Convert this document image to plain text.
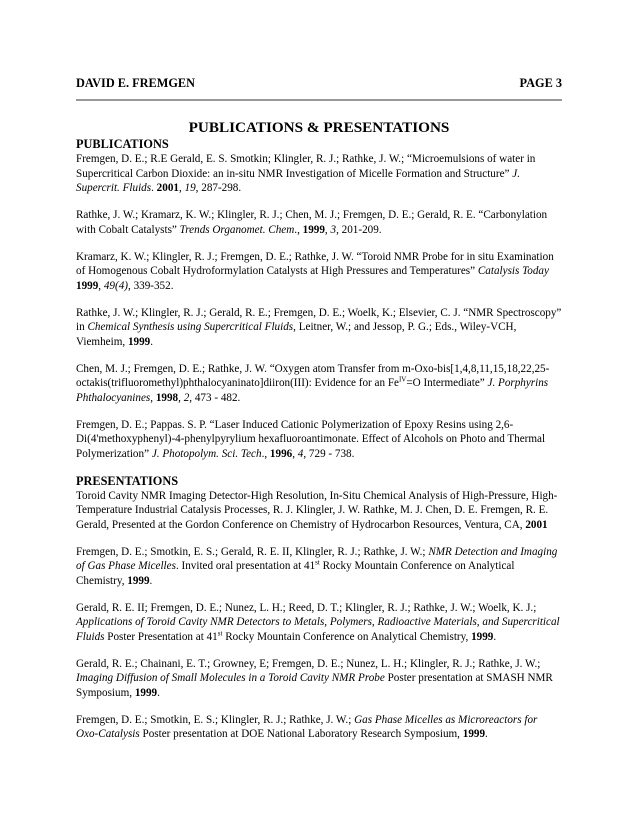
DAVID E. FREMGEN	PAGE 3
PUBLICATIONS & PRESENTATIONS
PUBLICATIONS
Fremgen, D. E.; R.E Gerald, E. S. Smotkin; Klingler, R. J.; Rathke, J. W.; “Microemulsions of water in Supercritical Carbon Dioxide: an in-situ NMR Investigation of Micelle Formation and Structure” J. Supercrit. Fluids. 2001, 19, 287-298.
Rathke, J. W.; Kramarz, K. W.; Klingler, R. J.; Chen, M. J.; Fremgen, D. E.; Gerald, R. E. “Carbonylation with Cobalt Catalysts” Trends Organomet. Chem., 1999, 3, 201-209.
Kramarz, K. W.; Klingler, R. J.; Fremgen, D. E.; Rathke, J. W. “Toroid NMR Probe for in situ Examination of Homogenous Cobalt Hydroformylation Catalysts at High Pressures and Temperatures” Catalysis Today 1999, 49(4), 339-352.
Rathke, J. W.; Klingler, R. J.; Gerald, R. E.; Fremgen, D. E.; Woelk, K.; Elsevier, C. J. “NMR Spectroscopy” in Chemical Synthesis using Supercritical Fluids, Leitner, W.; and Jessop, P. G.; Eds., Wiley-VCH, Viemheim, 1999.
Chen, M. J.; Fremgen, D. E.; Rathke, J. W. “Oxygen atom Transfer from m-Oxo-bis[1,4,8,11,15,18,22,25-octakis(trifluoromethyl)phthalocyaninato]diiron(III): Evidence for an $Fe^{IV}=O$ Intermediate” J. Porphyrins Phthalocyanines, 1998, 2, 473 - 482.
Fremgen, D. E.; Pappas. S. P. “Laser Induced Cationic Polymerization of Epoxy Resins using 2,6-Di(4'methoxyphenyl)-4-phenylpyrylium hexafluoroantimonate. Effect of Alcohols on Photo and Thermal Polymerization” J. Photopolym. Sci. Tech., 1996, 4, 729 - 738.
PRESENTATIONS
Toroid Cavity NMR Imaging Detector-High Resolution, In-Situ Chemical Analysis of High-Pressure, High-Temperature Industrial Catalysis Processes, R. J. Klingler, J. W. Rathke, M. J. Chen, D. E. Fremgen, R. E. Gerald, Presented at the Gordon Conference on Chemistry of Hydrocarbon Resources, Ventura, CA, 2001
Fremgen, D. E.; Smotkin, E. S.; Gerald, R. E. II, Klingler, R. J.; Rathke, J. W.; NMR Detection and Imaging of Gas Phase Micelles. Invited oral presentation at 41st Rocky Mountain Conference on Analytical Chemistry, 1999.
Gerald, R. E. II; Fremgen, D. E.; Nunez, L. H.; Reed, D. T.; Klingler, R. J.; Rathke, J. W.; Woelk, K. J.; Applications of Toroid Cavity NMR Detectors to Metals, Polymers, Radioactive Materials, and Supercritical Fluids Poster Presentation at 41st Rocky Mountain Conference on Analytical Chemistry, 1999.
Gerald, R. E.; Chainani, E. T.; Growney, E; Fremgen, D. E.; Nunez, L. H.; Klingler, R. J.; Rathke, J. W.; Imaging Diffusion of Small Molecules in a Toroid Cavity NMR Probe Poster presentation at SMASH NMR Symposium, 1999.
Fremgen, D. E.; Smotkin, E. S.; Klingler, R. J.; Rathke, J. W.; Gas Phase Micelles as Microreactors for Oxo-Catalysis Poster presentation at DOE National Laboratory Research Symposium, 1999.
